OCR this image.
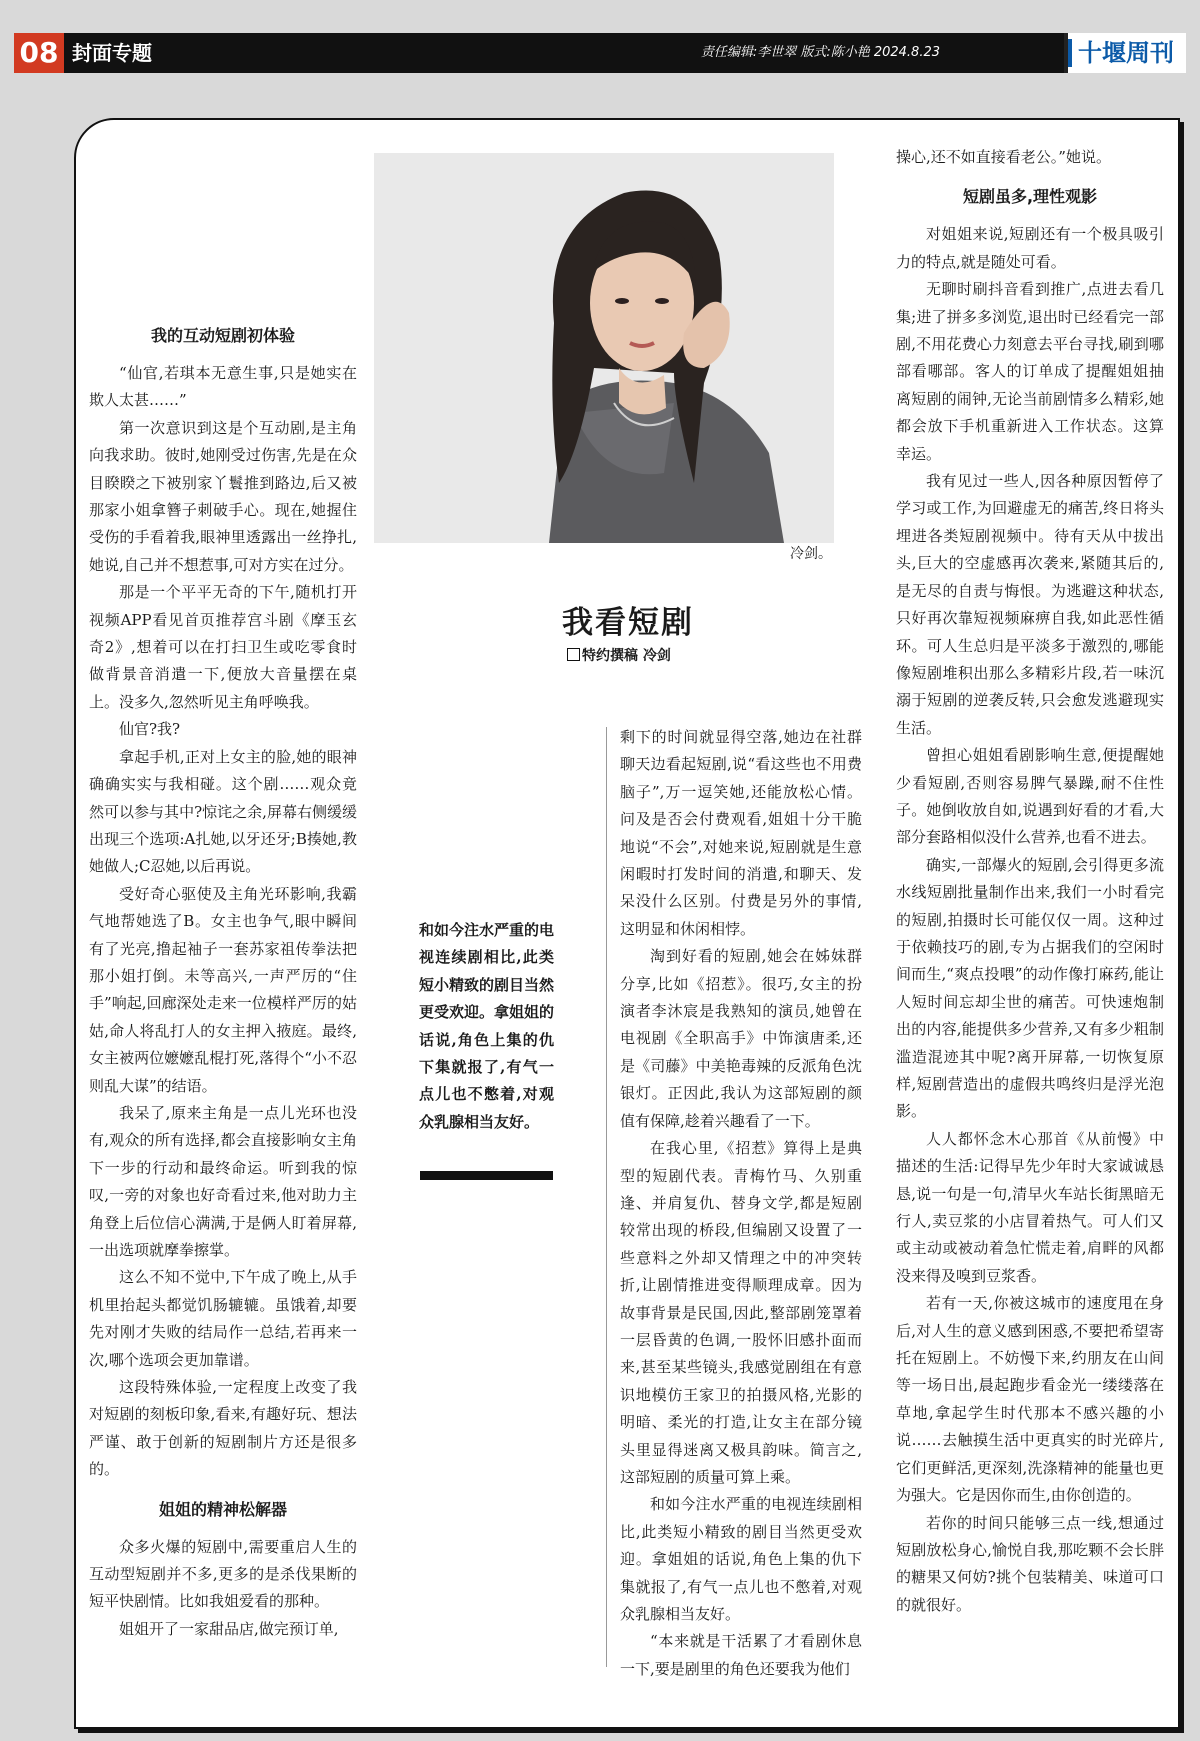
08 封面专题	责任编辑:李世翠 版式:陈小艳 2024.8.23	十堰周刊
我的互动短剧初体验

“仙官,若琪本无意生事,只是她实在欺人太甚……”

第一次意识到这是个互动剧,是主角向我求助。彼时,她刚受过伤害,先是在众目睽睽之下被别家丫鬟推到路边,后又被那家小姐拿簪子刺破手心。现在,她握住受伤的手看着我,眼神里透露出一丝挣扎,她说,自己并不想惹事,可对方实在过分。

那是一个平平无奇的下午,随机打开视频APP看见首页推荐宫斗剧《摩玉玄奇2》,想着可以在打扫卫生或吃零食时做背景音消遣一下,便放大音量摆在桌上。没多久,忽然听见主角呼唤我。

仙官?我?

拿起手机,正对上女主的脸,她的眼神确确实实与我相碰。这个剧……观众竟然可以参与其中?惊诧之余,屏幕右侧缓缓出现三个选项:A扎她,以牙还牙;B揍她,教她做人;C忍她,以后再说。

受好奇心驱使及主角光环影响,我霸气地帮她选了B。女主也争气,眼中瞬间有了光亮,撸起袖子一套苏家祖传拳法把那小姐打倒。未等高兴,一声严厉的“住手”响起,回廊深处走来一位模样严厉的姑姑,命人将乱打人的女主押入掖庭。最终,女主被两位嬷嬷乱棍打死,落得个“小不忍则乱大谋”的结语。

我呆了,原来主角是一点儿光环也没有,观众的所有选择,都会直接影响女主角下一步的行动和最终命运。听到我的惊叹,一旁的对象也好奇看过来,他对助力主角登上后位信心满满,于是俩人盯着屏幕,一出选项就摩拳擦掌。

这么不知不觉中,下午成了晚上,从手机里抬起头都觉饥肠辘辘。虽饿着,却要先对刚才失败的结局作一总结,若再来一次,哪个选项会更加靠谱。

这段特殊体验,一定程度上改变了我对短剧的刻板印象,看来,有趣好玩、想法严谨、敢于创新的短剧制片方还是很多的。

姐姐的精神松解器

众多火爆的短剧中,需要重启人生的互动型短剧并不多,更多的是杀伐果断的短平快剧情。比如我姐爱看的那种。

姐姐开了一家甜品店,做完预订单,

冷剑。
我看短剧
特约撰稿 冷剑
和如今注水严重的电视连续剧相比,此类短小精致的剧目当然更受欢迎。拿姐姐的话说,角色上集的仇下集就报了,有气一点儿也不憋着,对观众乳腺相当友好。

剩下的时间就显得空落,她边在社群聊天边看起短剧,说“看这些也不用费脑子”,万一逗笑她,还能放松心情。问及是否会付费观看,姐姐十分干脆地说“不会”,对她来说,短剧就是生意闲暇时打发时间的消遣,和聊天、发呆没什么区别。付费是另外的事情,这明显和休闲相悖。

淘到好看的短剧,她会在姊妹群分享,比如《招惹》。很巧,女主的扮演者李沐宸是我熟知的演员,她曾在电视剧《全职高手》中饰演唐柔,还是《司藤》中美艳毒辣的反派角色沈银灯。正因此,我认为这部短剧的颜值有保障,趁着兴趣看了一下。

在我心里,《招惹》算得上是典型的短剧代表。青梅竹马、久别重逢、并肩复仇、替身文学,都是短剧较常出现的桥段,但编剧又设置了一些意料之外却又情理之中的冲突转折,让剧情推进变得顺理成章。因为故事背景是民国,因此,整部剧笼罩着一层昏黄的色调,一股怀旧感扑面而来,甚至某些镜头,我感觉剧组在有意识地模仿王家卫的拍摄风格,光影的明暗、柔光的打造,让女主在部分镜头里显得迷离又极具韵味。简言之,这部短剧的质量可算上乘。

和如今注水严重的电视连续剧相比,此类短小精致的剧目当然更受欢迎。拿姐姐的话说,角色上集的仇下集就报了,有气一点儿也不憋着,对观众乳腺相当友好。

“本来就是干活累了才看剧休息一下,要是剧里的角色还要我为他们

操心,还不如直接看老公。”她说。

短剧虽多,理性观影

对姐姐来说,短剧还有一个极具吸引力的特点,就是随处可看。

无聊时刷抖音看到推广,点进去看几集;进了拼多多浏览,退出时已经看完一部剧,不用花费心力刻意去平台寻找,刷到哪部看哪部。客人的订单成了提醒姐姐抽离短剧的闹钟,无论当前剧情多么精彩,她都会放下手机重新进入工作状态。这算幸运。

我有见过一些人,因各种原因暂停了学习或工作,为回避虚无的痛苦,终日将头埋进各类短剧视频中。待有天从中拔出头,巨大的空虚感再次袭来,紧随其后的,是无尽的自责与悔恨。为逃避这种状态,只好再次靠短视频麻痹自我,如此恶性循环。可人生总归是平淡多于激烈的,哪能像短剧堆积出那么多精彩片段,若一味沉溺于短剧的逆袭反转,只会愈发逃避现实生活。

曾担心姐姐看剧影响生意,便提醒她少看短剧,否则容易脾气暴躁,耐不住性子。她倒收放自如,说遇到好看的才看,大部分套路相似没什么营养,也看不进去。

确实,一部爆火的短剧,会引得更多流水线短剧批量制作出来,我们一小时看完的短剧,拍摄时长可能仅仅一周。这种过于依赖技巧的剧,专为占据我们的空闲时间而生,“爽点投喂”的动作像打麻药,能让人短时间忘却尘世的痛苦。可快速炮制出的内容,能提供多少营养,又有多少粗制滥造混迹其中呢?离开屏幕,一切恢复原样,短剧营造出的虚假共鸣终归是浮光泡影。

人人都怀念木心那首《从前慢》中描述的生活:记得早先少年时大家诚诚恳恳,说一句是一句,清早火车站长街黑暗无行人,卖豆浆的小店冒着热气。可人们又或主动或被动着急忙慌走着,肩畔的风都没来得及嗅到豆浆香。

若有一天,你被这城市的速度甩在身后,对人生的意义感到困惑,不要把希望寄托在短剧上。不妨慢下来,约朋友在山间等一场日出,晨起跑步看金光一缕缕落在草地,拿起学生时代那本不感兴趣的小说……去触摸生活中更真实的时光碎片,它们更鲜活,更深刻,洗涤精神的能量也更为强大。它是因你而生,由你创造的。

若你的时间只能够三点一线,想通过短剧放松身心,愉悦自我,那吃颗不会长胖的糖果又何妨?挑个包装精美、味道可口的就很好。
